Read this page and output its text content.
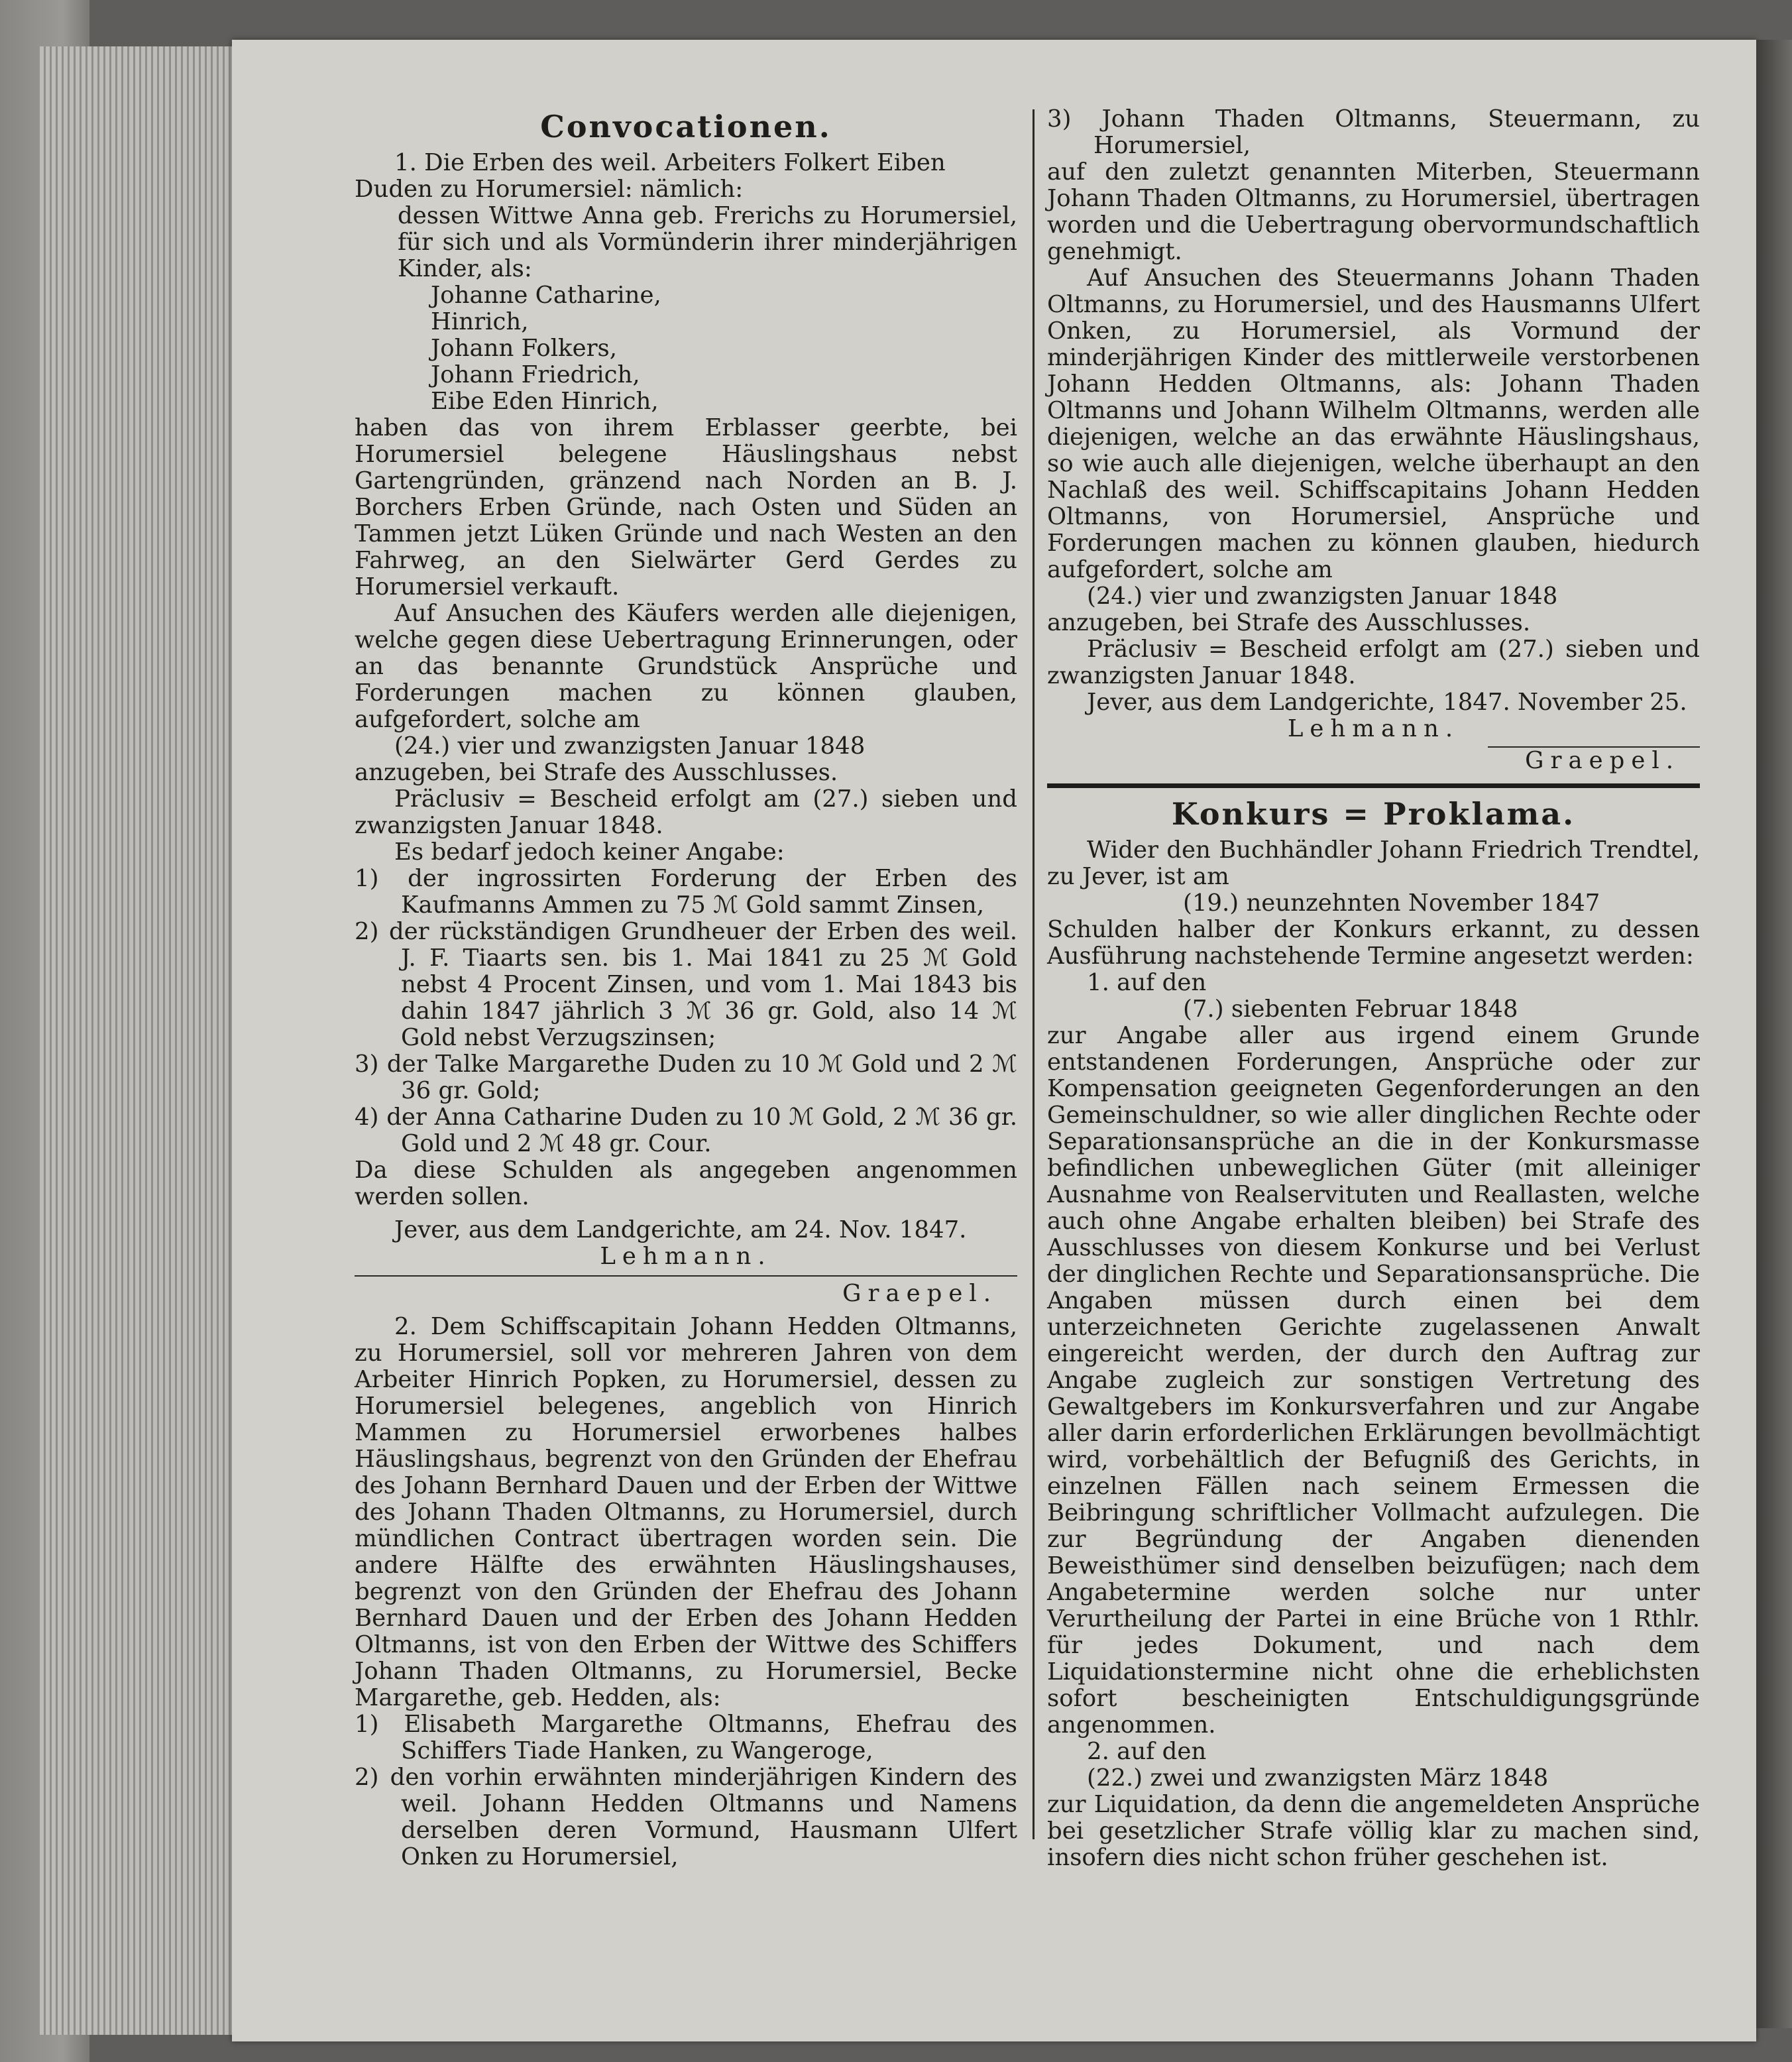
Convocationen.

1. Die Erben des weil. Arbeiters Folkert Eiben

Duden zu Horumersiel: nämlich:

dessen Wittwe Anna geb. Frerichs zu Horumersiel, für sich und als Vormünderin ihrer minderjährigen Kinder, als:

Johanne Catharine,

Hinrich,

Johann Folkers,

Johann Friedrich,

Eibe Eden Hinrich,

haben das von ihrem Erblasser geerbte, bei Horumersiel belegene Häuslingshaus nebst Gartengründen, gränzend nach Norden an B. J. Borchers Erben Gründe, nach Osten und Süden an Tammen jetzt Lüken Gründe und nach Westen an den Fahrweg, an den Sielwärter Gerd Gerdes zu Horumersiel verkauft.

Auf Ansuchen des Käufers werden alle diejenigen, welche gegen diese Uebertragung Erinnerungen, oder an das benannte Grundstück Ansprüche und Forderungen machen zu können glauben, aufgefordert, solche am

(24.) vier und zwanzigsten Januar 1848

anzugeben, bei Strafe des Ausschlusses.

Präclusiv = Bescheid erfolgt am (27.) sieben und zwanzigsten Januar 1848.

Es bedarf jedoch keiner Angabe:

1) der ingrossirten Forderung der Erben des Kaufmanns Ammen zu 75 ℳ Gold sammt Zinsen,

2) der rückständigen Grundheuer der Erben des weil. J. F. Tiaarts sen. bis 1. Mai 1841 zu 25 ℳ Gold nebst 4 Procent Zinsen, und vom 1. Mai 1843 bis dahin 1847 jährlich 3 ℳ 36 gr. Gold, also 14 ℳ Gold nebst Verzugszinsen;

3) der Talke Margarethe Duden zu 10 ℳ Gold und 2 ℳ 36 gr. Gold;

4) der Anna Catharine Duden zu 10 ℳ Gold, 2 ℳ 36 gr. Gold und 2 ℳ 48 gr. Cour.

Da diese Schulden als angegeben angenommen werden sollen.

Jever, aus dem Landgerichte, am 24. Nov. 1847.

Lehmann.

Graepel.

2. Dem Schiffscapitain Johann Hedden Oltmanns, zu Horumersiel, soll vor mehreren Jahren von dem Arbeiter Hinrich Popken, zu Horumersiel, dessen zu Horumersiel belegenes, angeblich von Hinrich Mammen zu Horumersiel erworbenes halbes Häuslingshaus, begrenzt von den Gründen der Ehefrau des Johann Bernhard Dauen und der Erben der Wittwe des Johann Thaden Oltmanns, zu Horumersiel, durch mündlichen Contract übertragen worden sein. Die andere Hälfte des erwähnten Häuslingshauses, begrenzt von den Gründen der Ehefrau des Johann Bernhard Dauen und der Erben des Johann Hedden Oltmanns, ist von den Erben der Wittwe des Schiffers Johann Thaden Oltmanns, zu Horumersiel, Becke Margarethe, geb. Hedden, als:

1) Elisabeth Margarethe Oltmanns, Ehefrau des Schiffers Tiade Hanken, zu Wangeroge,

2) den vorhin erwähnten minderjährigen Kindern des weil. Johann Hedden Oltmanns und Namens derselben deren Vormund, Hausmann Ulfert Onken zu Horumersiel,

3) Johann Thaden Oltmanns, Steuermann, zu Horumersiel,

auf den zuletzt genannten Miterben, Steuermann Johann Thaden Oltmanns, zu Horumersiel, übertragen worden und die Uebertragung obervormundschaftlich genehmigt.

Auf Ansuchen des Steuermanns Johann Thaden Oltmanns, zu Horumersiel, und des Hausmanns Ulfert Onken, zu Horumersiel, als Vormund der minderjährigen Kinder des mittlerweile verstorbenen Johann Hedden Oltmanns, als: Johann Thaden Oltmanns und Johann Wilhelm Oltmanns, werden alle diejenigen, welche an das erwähnte Häuslingshaus, so wie auch alle diejenigen, welche überhaupt an den Nachlaß des weil. Schiffscapitains Johann Hedden Oltmanns, von Horumersiel, Ansprüche und Forderungen machen zu können glauben, hiedurch aufgefordert, solche am

(24.) vier und zwanzigsten Januar 1848

anzugeben, bei Strafe des Ausschlusses.

Präclusiv = Bescheid erfolgt am (27.) sieben und zwanzigsten Januar 1848.

Jever, aus dem Landgerichte, 1847. November 25.

Lehmann.

Graepel.

Konkurs = Proklama.

Wider den Buchhändler Johann Friedrich Trendtel, zu Jever, ist am

(19.) neunzehnten November 1847

Schulden halber der Konkurs erkannt, zu dessen Ausführung nachstehende Termine angesetzt werden:

1. auf den

(7.) siebenten Februar 1848

zur Angabe aller aus irgend einem Grunde entstandenen Forderungen, Ansprüche oder zur Kompensation geeigneten Gegenforderungen an den Gemeinschuldner, so wie aller dinglichen Rechte oder Separationsansprüche an die in der Konkursmasse befindlichen unbeweglichen Güter (mit alleiniger Ausnahme von Realservituten und Reallasten, welche auch ohne Angabe erhalten bleiben) bei Strafe des Ausschlusses von diesem Konkurse und bei Verlust der dinglichen Rechte und Separationsansprüche. Die Angaben müssen durch einen bei dem unterzeichneten Gerichte zugelassenen Anwalt eingereicht werden, der durch den Auftrag zur Angabe zugleich zur sonstigen Vertretung des Gewaltgebers im Konkursverfahren und zur Angabe aller darin erforderlichen Erklärungen bevollmächtigt wird, vorbehältlich der Befugniß des Gerichts, in einzelnen Fällen nach seinem Ermessen die Beibringung schriftlicher Vollmacht aufzulegen. Die zur Begründung der Angaben dienenden Beweisthümer sind denselben beizufügen; nach dem Angabetermine werden solche nur unter Verurtheilung der Partei in eine Brüche von 1 Rthlr. für jedes Dokument, und nach dem Liquidationstermine nicht ohne die erheblichsten sofort bescheinigten Entschuldigungsgründe angenommen.

2. auf den

(22.) zwei und zwanzigsten März 1848

zur Liquidation, da denn die angemeldeten Ansprüche bei gesetzlicher Strafe völlig klar zu machen sind, insofern dies nicht schon früher geschehen ist.
